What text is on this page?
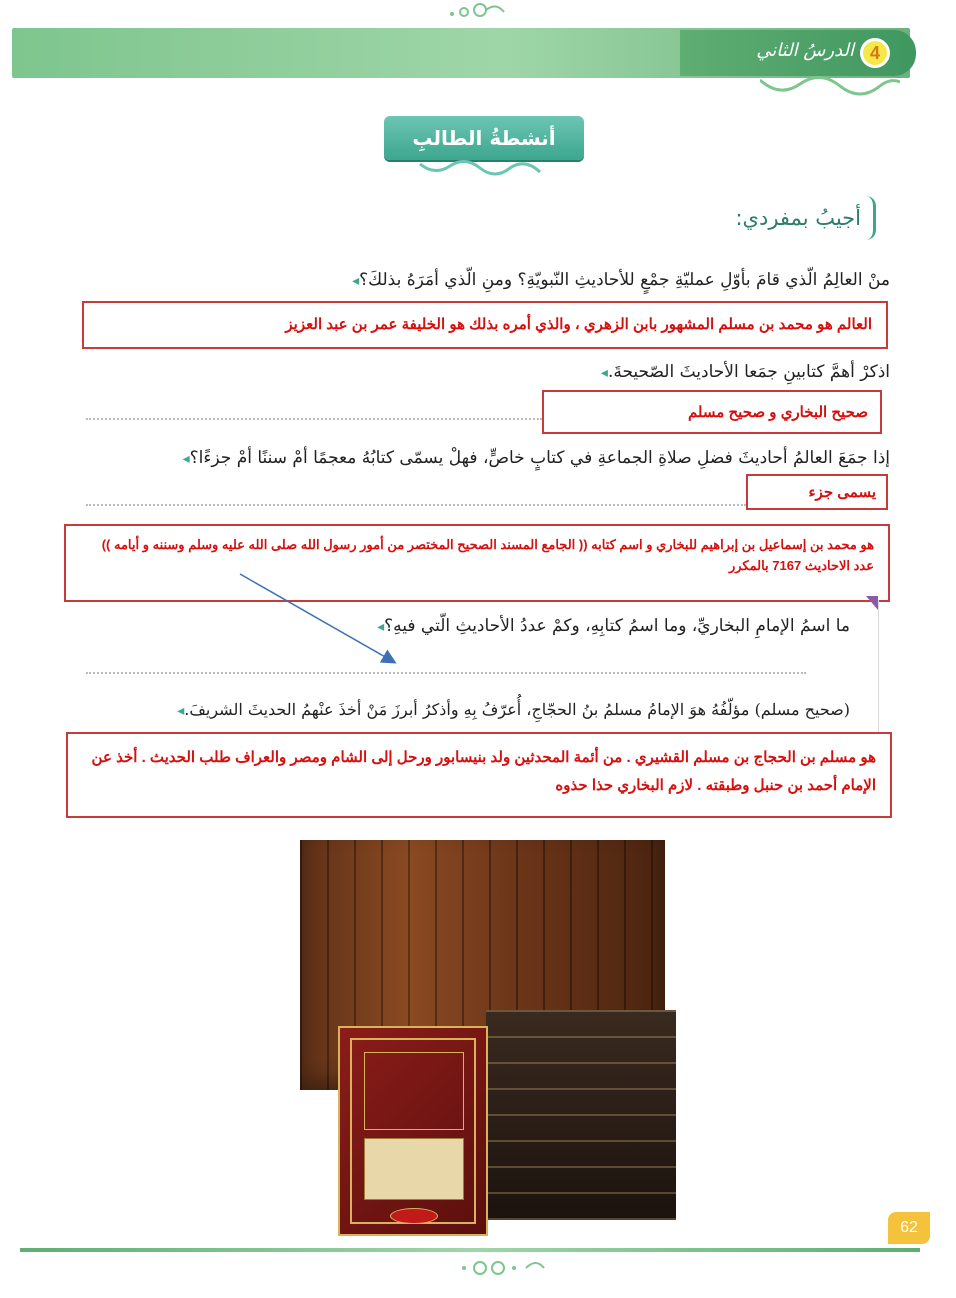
4
الدرسُ الثاني
أنشطةُ الطالبِ
أجيبُ بمفردي:
منْ العالِمُ الّذي قامَ بأوّلِ عمليّةِ جمْعٍ للأحاديثِ النّبويّةِ؟ ومنِ الّذي أمَرَهُ بذلكَ؟◂
العالم هو محمد بن مسلم المشهور بابن الزهري ، والذي أمره بذلك هو الخليفة عمر بن عبد العزيز
اذكرْ أهمَّ كتابينِ جمَعا الأحاديثَ الصّحيحةَ.◂
صحيح البخاري و صحيح مسلم
إذا جمَعَ العالمُ أحاديثَ فضلِ صلاةِ الجماعةِ في كتابٍ خاصٍّ، فهلْ يسمّى كتابُهُ معجمًا أمْ سننًا أمْ جزءًا؟◂
يسمى جزء
هو محمد بن إسماعيل بن إبراهيم للبخاري و اسم كتابه (( الجامع المسند الصحيح المختصر من أمور رسول الله صلى الله عليه وسلم وسننه و أيامه )) عدد الاحاديث 7167 بالمكرر
ما اسمُ الإمامِ البخاريِّ، وما اسمُ كتابِهِ، وكمْ عددُ الأحاديثِ الّتي فيهِ؟◂
(صحيح مسلم) مؤلّفُهُ هوَ الإمامُ مسلمُ بنُ الحجّاجِ، أُعرّفُ بِهِ وأذكرُ أبرزَ مَنْ أخذَ عنْهمُ الحديثَ الشريفَ.◂
هو مسلم بن الحجاج بن مسلم القشيري . من أئمة المحدثين ولد بنيسابور ورحل إلى الشام ومصر والعراف طلب الحديث . أخذ عن الإمام أحمد بن حنبل وطبقته . لازم البخاري حذا حذوه
62
